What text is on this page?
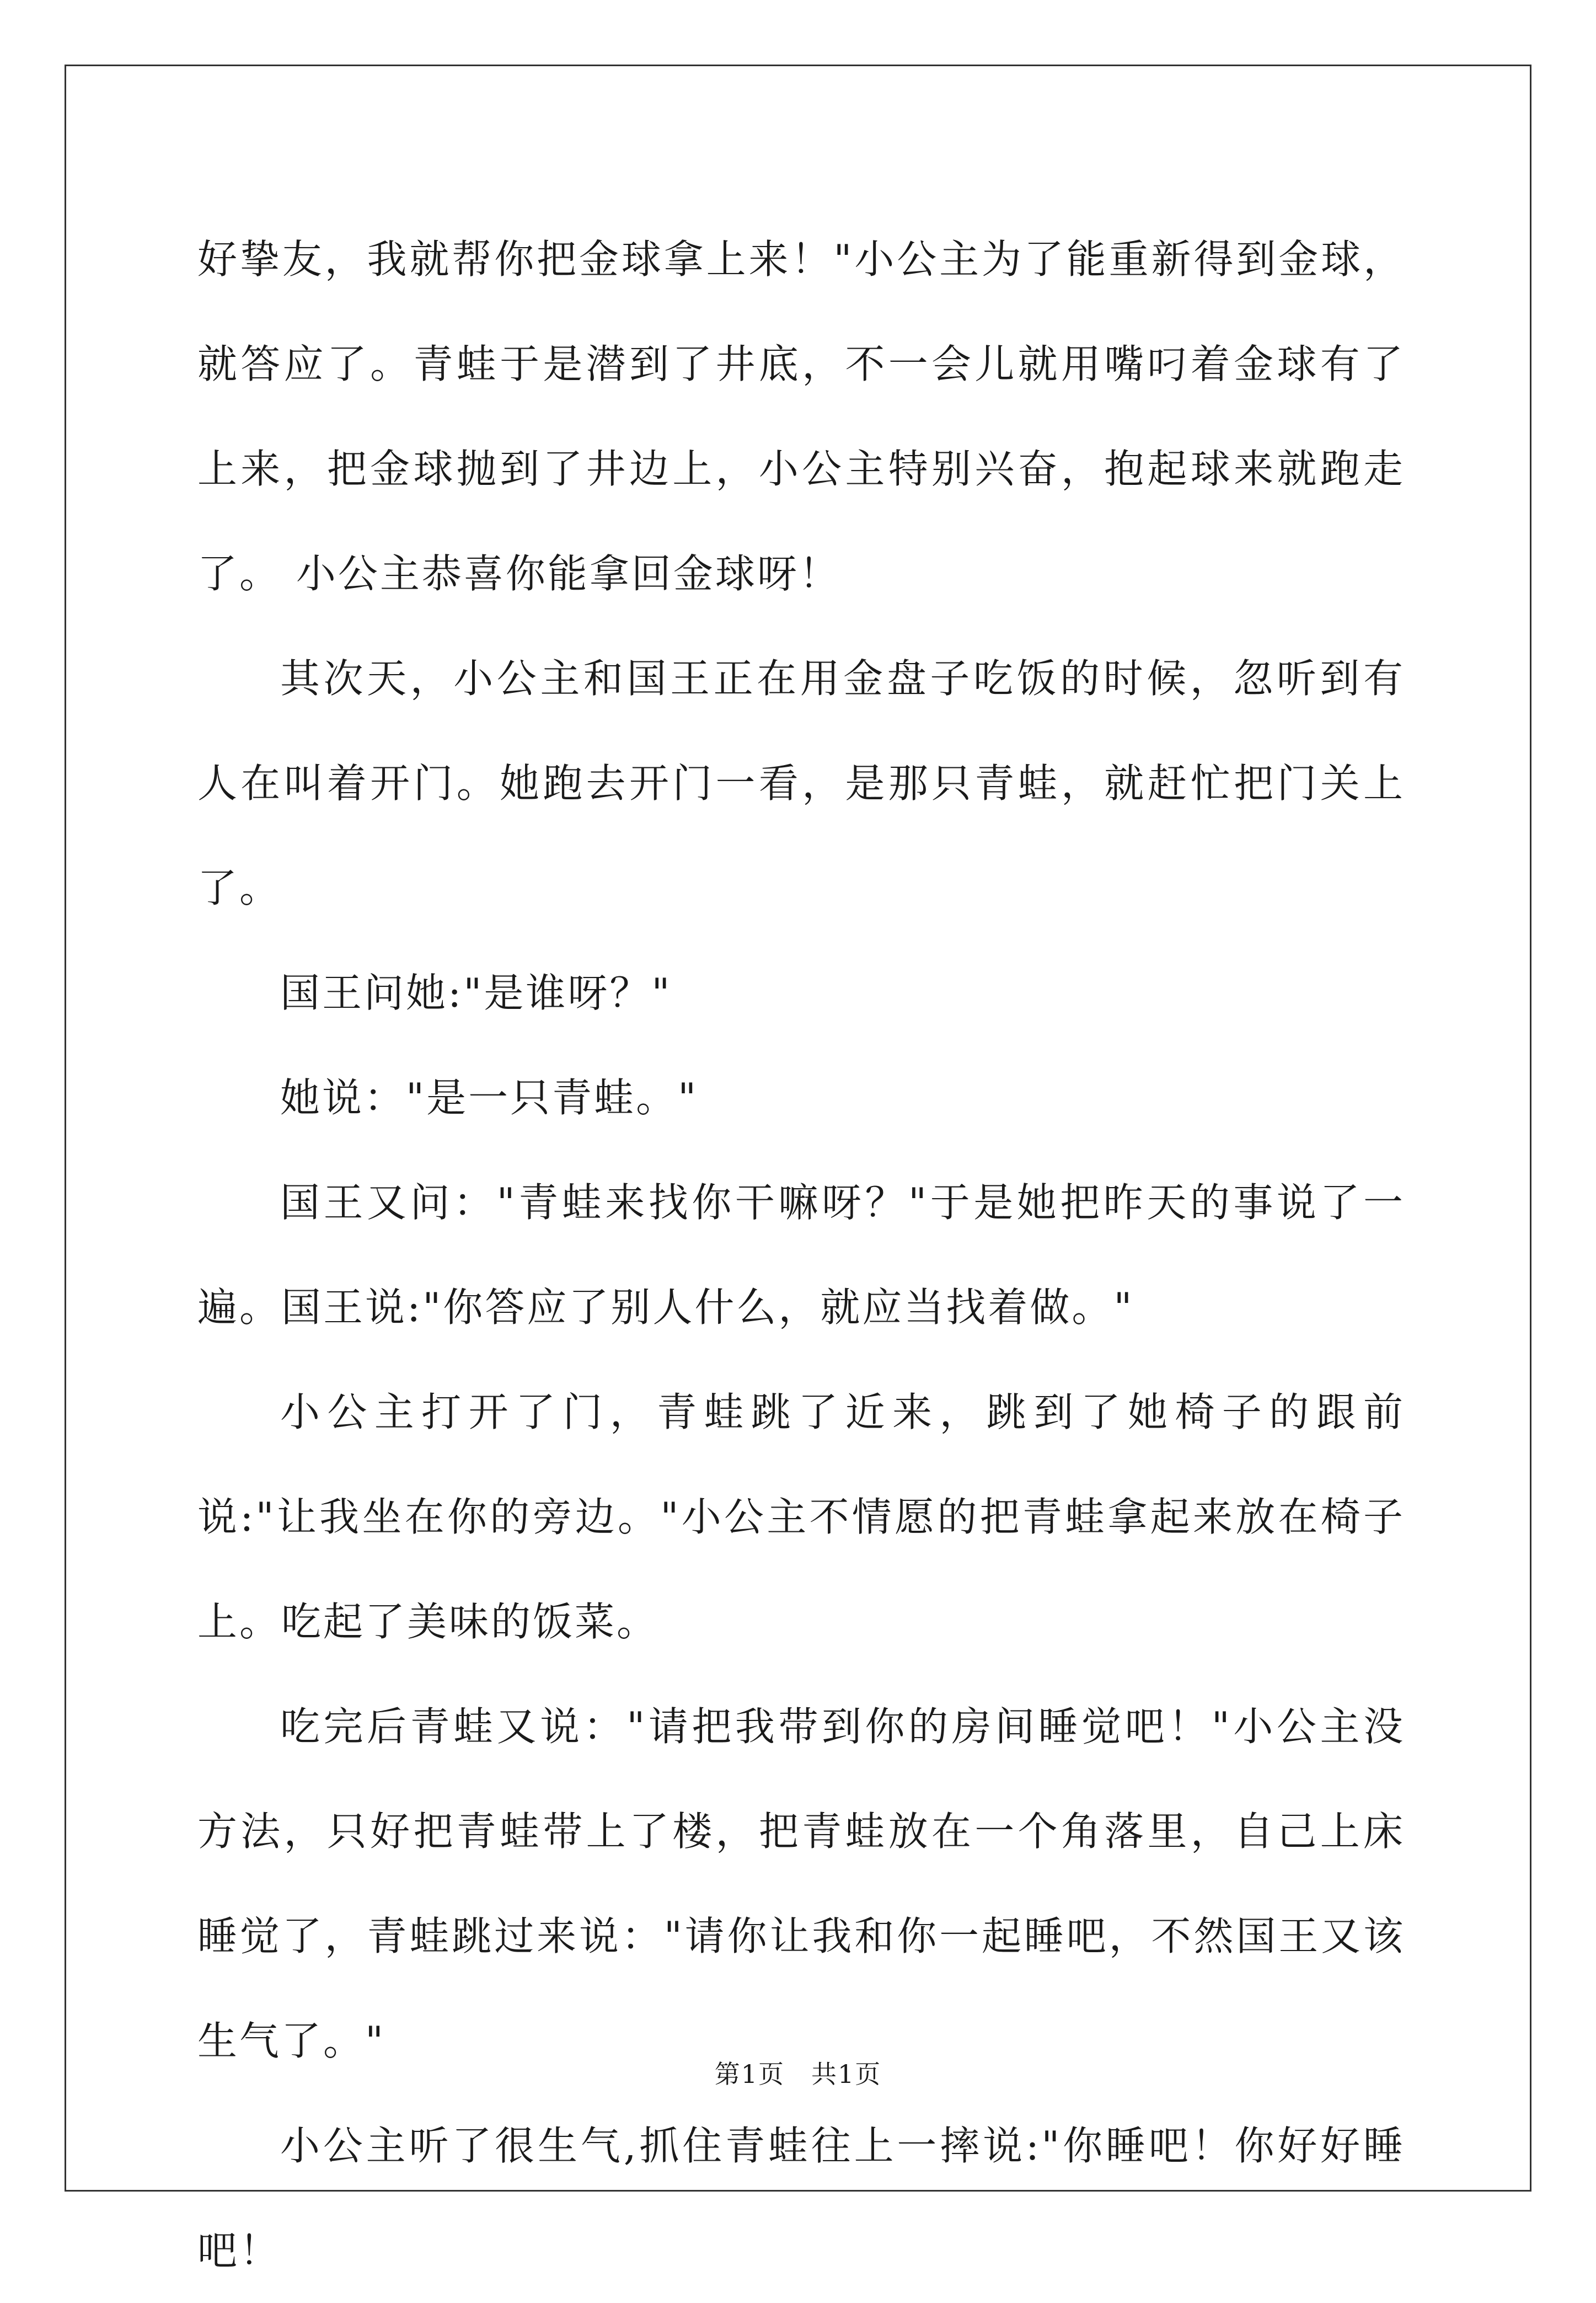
好挚友，我就帮你把金球拿上来！"小公主为了能重新得到金球，就答应了。青蛙于是潜到了井底，不一会儿就用嘴叼着金球有了上来，把金球抛到了井边上，小公主特别兴奋，抱起球来就跑走了。 小公主恭喜你能拿回金球呀！

其次天，小公主和国王正在用金盘子吃饭的时候，忽听到有人在叫着开门。她跑去开门一看，是那只青蛙，就赶忙把门关上了。

国王问她:"是谁呀？"

她说："是一只青蛙。"

国王又问："青蛙来找你干嘛呀？"于是她把昨天的事说了一遍。国王说:"你答应了别人什么，就应当找着做。"

小公主打开了门，青蛙跳了近来，跳到了她椅子的跟前说:"让我坐在你的旁边。"小公主不情愿的把青蛙拿起来放在椅子上。吃起了美味的饭菜。

吃完后青蛙又说："请把我带到你的房间睡觉吧！"小公主没方法，只好把青蛙带上了楼，把青蛙放在一个角落里，自己上床睡觉了，青蛙跳过来说："请你让我和你一起睡吧，不然国王又该生气了。"

小公主听了很生气,抓住青蛙往上一摔说:"你睡吧！你好好睡吧！

第1页　共1页
